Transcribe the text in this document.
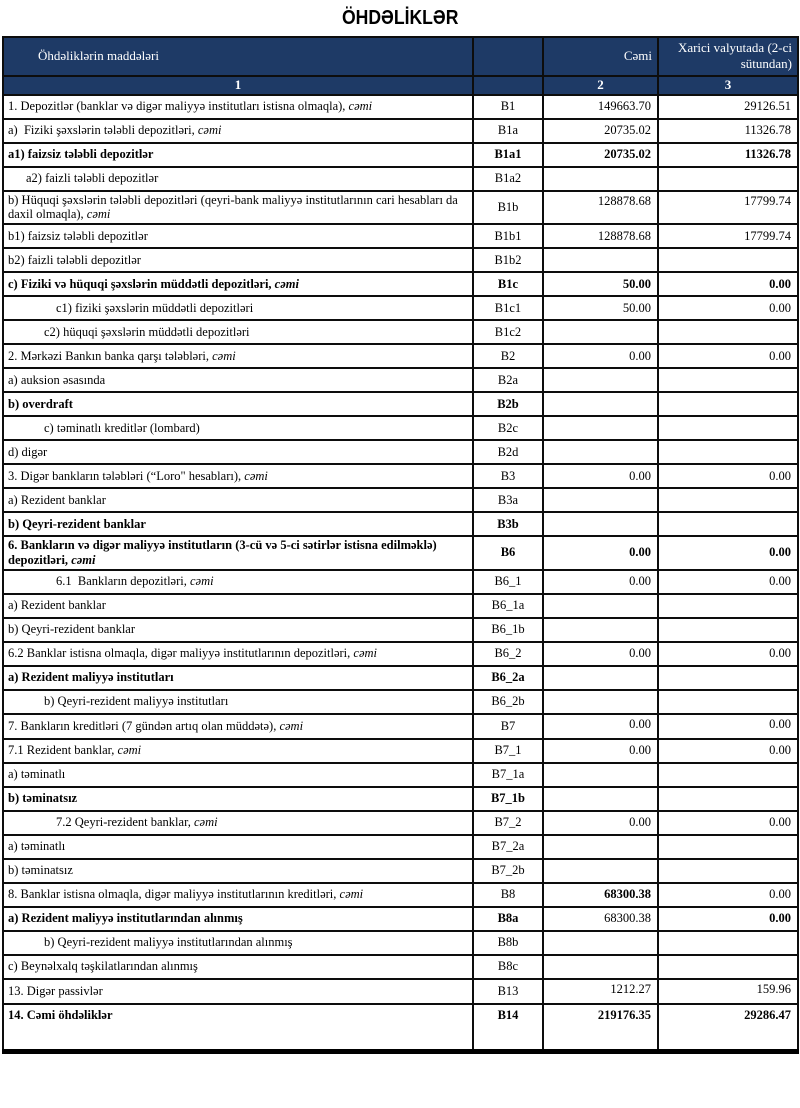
ÖHDƏLİKLƏR
Öhdəliklərin maddələri		Cəmi	Xarici valyutada (2-ci sütundan)
1		2	3
1. Depozitlər (banklar və digər maliyyə institutları istisna olmaqla), cəmi	B1	149663.70	29126.51
a)  Fiziki şəxslərin tələbli depozitləri, cəmi	B1a	20735.02	11326.78
a1) faizsiz tələbli depozitlər	B1a1	20735.02	11326.78
a2) faizli tələbli depozitlər	B1a2		
b) Hüquqi şəxslərin tələbli depozitləri (qeyri-bank maliyyə institutlarının cari hesabları da daxil olmaqla), cəmi	B1b	128878.68	17799.74
b1) faizsiz tələbli depozitlər	B1b1	128878.68	17799.74
b2) faizli tələbli depozitlər	B1b2		
c) Fiziki və hüquqi şəxslərin müddətli depozitləri, cəmi	B1c	50.00	0.00
c1) fiziki şəxslərin müddətli depozitləri	B1c1	50.00	0.00
c2) hüquqi şəxslərin müddətli depozitləri	B1c2		
2. Mərkəzi Bankın banka qarşı tələbləri, cəmi	B2	0.00	0.00
a) auksion əsasında	B2a		
b) overdraft	B2b		
c) təminatlı kreditlər (lombard)	B2c		
d) digər	B2d		
3. Digər bankların tələbləri (“Loro" hesabları), cəmi	B3	0.00	0.00
a) Rezident banklar	B3a		
b) Qeyri-rezident banklar	B3b		
6. Bankların və digər maliyyə institutların (3-cü və 5-ci sətirlər istisna edilməklə) depozitləri, cəmi	B6	0.00	0.00
6.1  Bankların depozitləri, cəmi	B6_1	0.00	0.00
a) Rezident banklar	B6_1a		
b) Qeyri-rezident banklar	B6_1b		
6.2 Banklar istisna olmaqla, digər maliyyə institutlarının depozitləri, cəmi	B6_2	0.00	0.00
a) Rezident maliyyə institutları	B6_2a		
b) Qeyri-rezident maliyyə institutları	B6_2b		
7. Bankların kreditləri (7 gündən artıq olan müddətə), cəmi	B7	0.00	0.00
7.1 Rezident banklar, cəmi	B7_1	0.00	0.00
a) təminatlı	B7_1a		
b) təminatsız	B7_1b		
7.2 Qeyri-rezident banklar, cəmi	B7_2	0.00	0.00
a) təminatlı	B7_2a		
b) təminatsız	B7_2b		
8. Banklar istisna olmaqla, digər maliyyə institutlarının kreditləri, cəmi	B8	68300.38	0.00
a) Rezident maliyyə institutlarından alınmış	B8a	68300.38	0.00
b) Qeyri-rezident maliyyə institutlarından alınmış	B8b		
c) Beynəlxalq təşkilatlarından alınmış	B8c		
13. Digər passivlər	B13	1212.27	159.96
14. Cəmi öhdəliklər	B14	219176.35	29286.47
